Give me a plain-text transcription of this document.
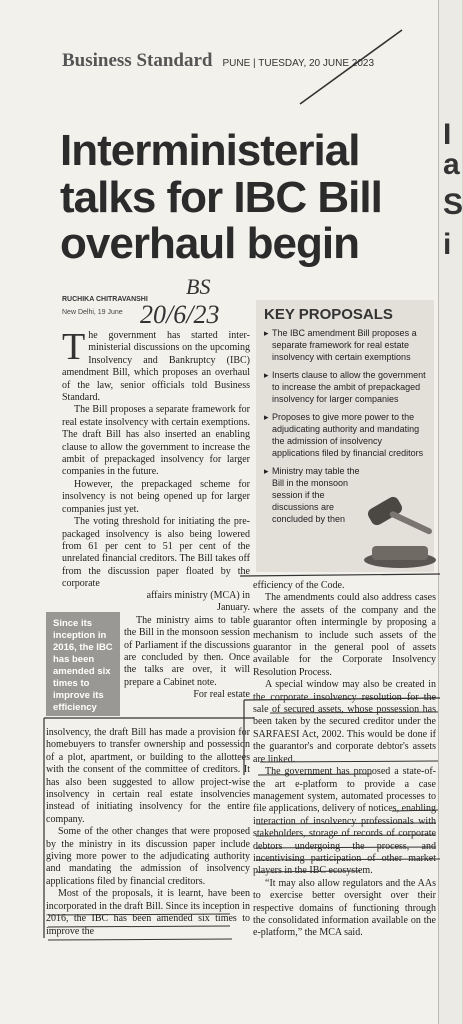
I
a
S
i
Business Standard PUNE | TUESDAY, 20 JUNE 2023
Interministerial
talks for IBC Bill
overhaul begin
RUCHIKA CHITRAVANSHI
New Delhi, 19 June
BS
20/6/23

The government has started inter-ministerial discussions on the upcoming Insolvency and Bankruptcy (IBC) amendment Bill, which proposes an overhaul of the law, senior officials told Business Standard.

The Bill proposes a separate framework for real estate insolvency with certain exemptions. The draft Bill has also inserted an enabling clause to allow the government to increase the ambit of prepackaged insolvency for larger companies in the future.

However, the prepackaged scheme for insolvency is not being opened up for larger companies just yet.

The voting threshold for initiating the pre-packaged insolvency is also being lowered from 61 per cent to 51 per cent of the unrelated financial creditors. The Bill takes off from the discussion paper floated by the corporate

KEY PROPOSALS
▸ The IBC amendment Bill proposes a separate framework for real estate insolvency with certain exemptions
▸ Inserts clause to allow the government to increase the ambit of prepackaged insolvency for larger companies
▸ Proposes to give more power to the adjudicating authority and mandating the admission of insolvency applications filed by financial creditors
▸ Ministry may table the Bill in the monsoon session if the discussions are concluded by then
Since its inception in 2016, the IBC has been amended six times to improve its efficiency

affairs ministry (MCA) in January.

The ministry aims to table the Bill in the monsoon session of Parliament if the discussions are concluded by then. Once the talks are over, it will prepare a Cabinet note.

For real estate

insolvency, the draft Bill has made a provision for homebuyers to transfer ownership and possession of a plot, apartment, or building to the allottees with the consent of the committee of creditors. It has also been suggested to allow project-wise insolvency in certain real estate insolvencies instead of initiating insolvency for the entire company.

Some of the other changes that were proposed by the ministry in its discussion paper include giving more power to the adjudicating authority and mandating the admission of insolvency applications filed by financial creditors.

Most of the proposals, it is learnt, have been incorporated in the draft Bill. Since its inception in 2016, the IBC has been amended six times to improve the

efficiency of the Code.

The amendments could also address cases where the assets of the company and the guarantor often intermingle by proposing a mechanism to include such assets of the guarantor in the general pool of assets available for the Corporate Insolvency Resolution Process.

A special window may also be created in the corporate insolvency resolution for the sale of secured assets, whose possession has been taken by the secured creditor under the SARFAESI Act, 2002. This would be done if the guarantor's and corporate debtor's assets are linked.

The government has proposed a state-of-the art e-platform to provide a case management system, automated processes to file applications, delivery of notices, enabling interaction of insolvency professionals with stakeholders, storage of records of corporate debtors undergoing the process, and incentivising participation of other market players in the IBC ecosystem.

“It may also allow regulators and the AAs to exercise better oversight over their respective domains of functioning through the consolidated information available on the e-platform,” the MCA said.
